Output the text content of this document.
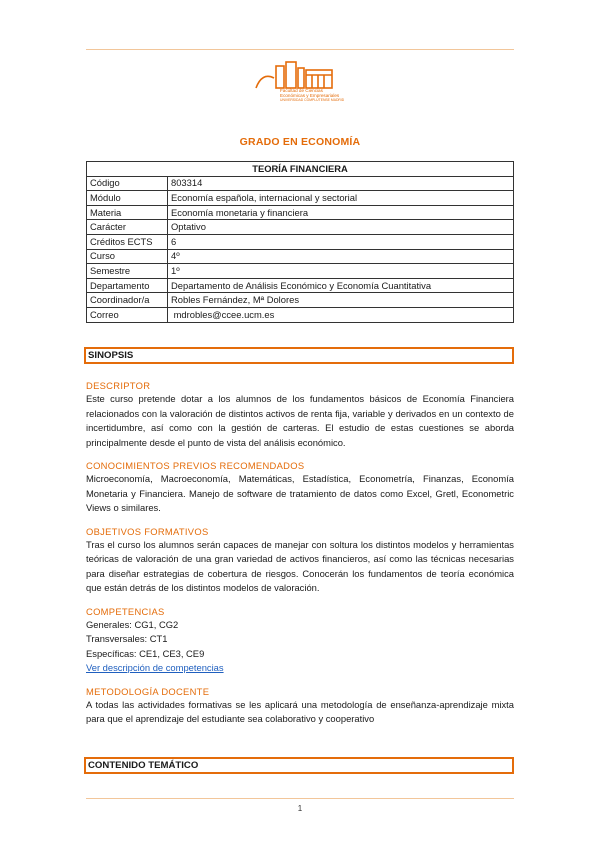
Facultad de Ciencias
Económicas y Empresariales
UNIVERSIDAD COMPLUTENSE MADRID
GRADO EN ECONOMÍA
TEORÍA FINANCIERA	
Código	803314
Módulo	Economía española, internacional y sectorial
Materia	Economía monetaria y financiera
Carácter	Optativo
Créditos ECTS	6
Curso	4º
Semestre	1º
Departamento	Departamento de Análisis Económico y Economía Cuantitativa
Coordinador/a	Robles Fernández, Mª Dolores
Correo	mdrobles@ccee.ucm.es
SINOPSIS
DESCRIPTOR
Este curso pretende dotar a los alumnos de los fundamentos básicos de Economía Financiera relacionados con la valoración de distintos activos de renta fija, variable y derivados en un contexto de incertidumbre, así como con la gestión de carteras. El estudio de estas cuestiones se aborda principalmente desde el punto de vista del análisis económico.
CONOCIMIENTOS PREVIOS RECOMENDADOS
Microeconomía, Macroeconomía, Matemáticas, Estadística, Econometría, Finanzas, Economía Monetaria y Financiera. Manejo de software de tratamiento de datos como Excel, Gretl, Econometric Views o similares.
OBJETIVOS FORMATIVOS
Tras el curso los alumnos serán capaces de manejar con soltura los distintos modelos y herramientas teóricas de valoración de una gran variedad de activos financieros, así como las técnicas necesarias para diseñar estrategias de cobertura de riesgos. Conocerán los fundamentos de teoría económica que están detrás de los distintos modelos de valoración.
COMPETENCIAS
Generales: CG1, CG2
Transversales: CT1
Específicas: CE1, CE3, CE9
Ver descripción de competencias
METODOLOGÍA DOCENTE
A todas las actividades formativas se les aplicará una metodología de enseñanza-aprendizaje mixta para que el aprendizaje del estudiante sea colaborativo y cooperativo
CONTENIDO TEMÁTICO
1
